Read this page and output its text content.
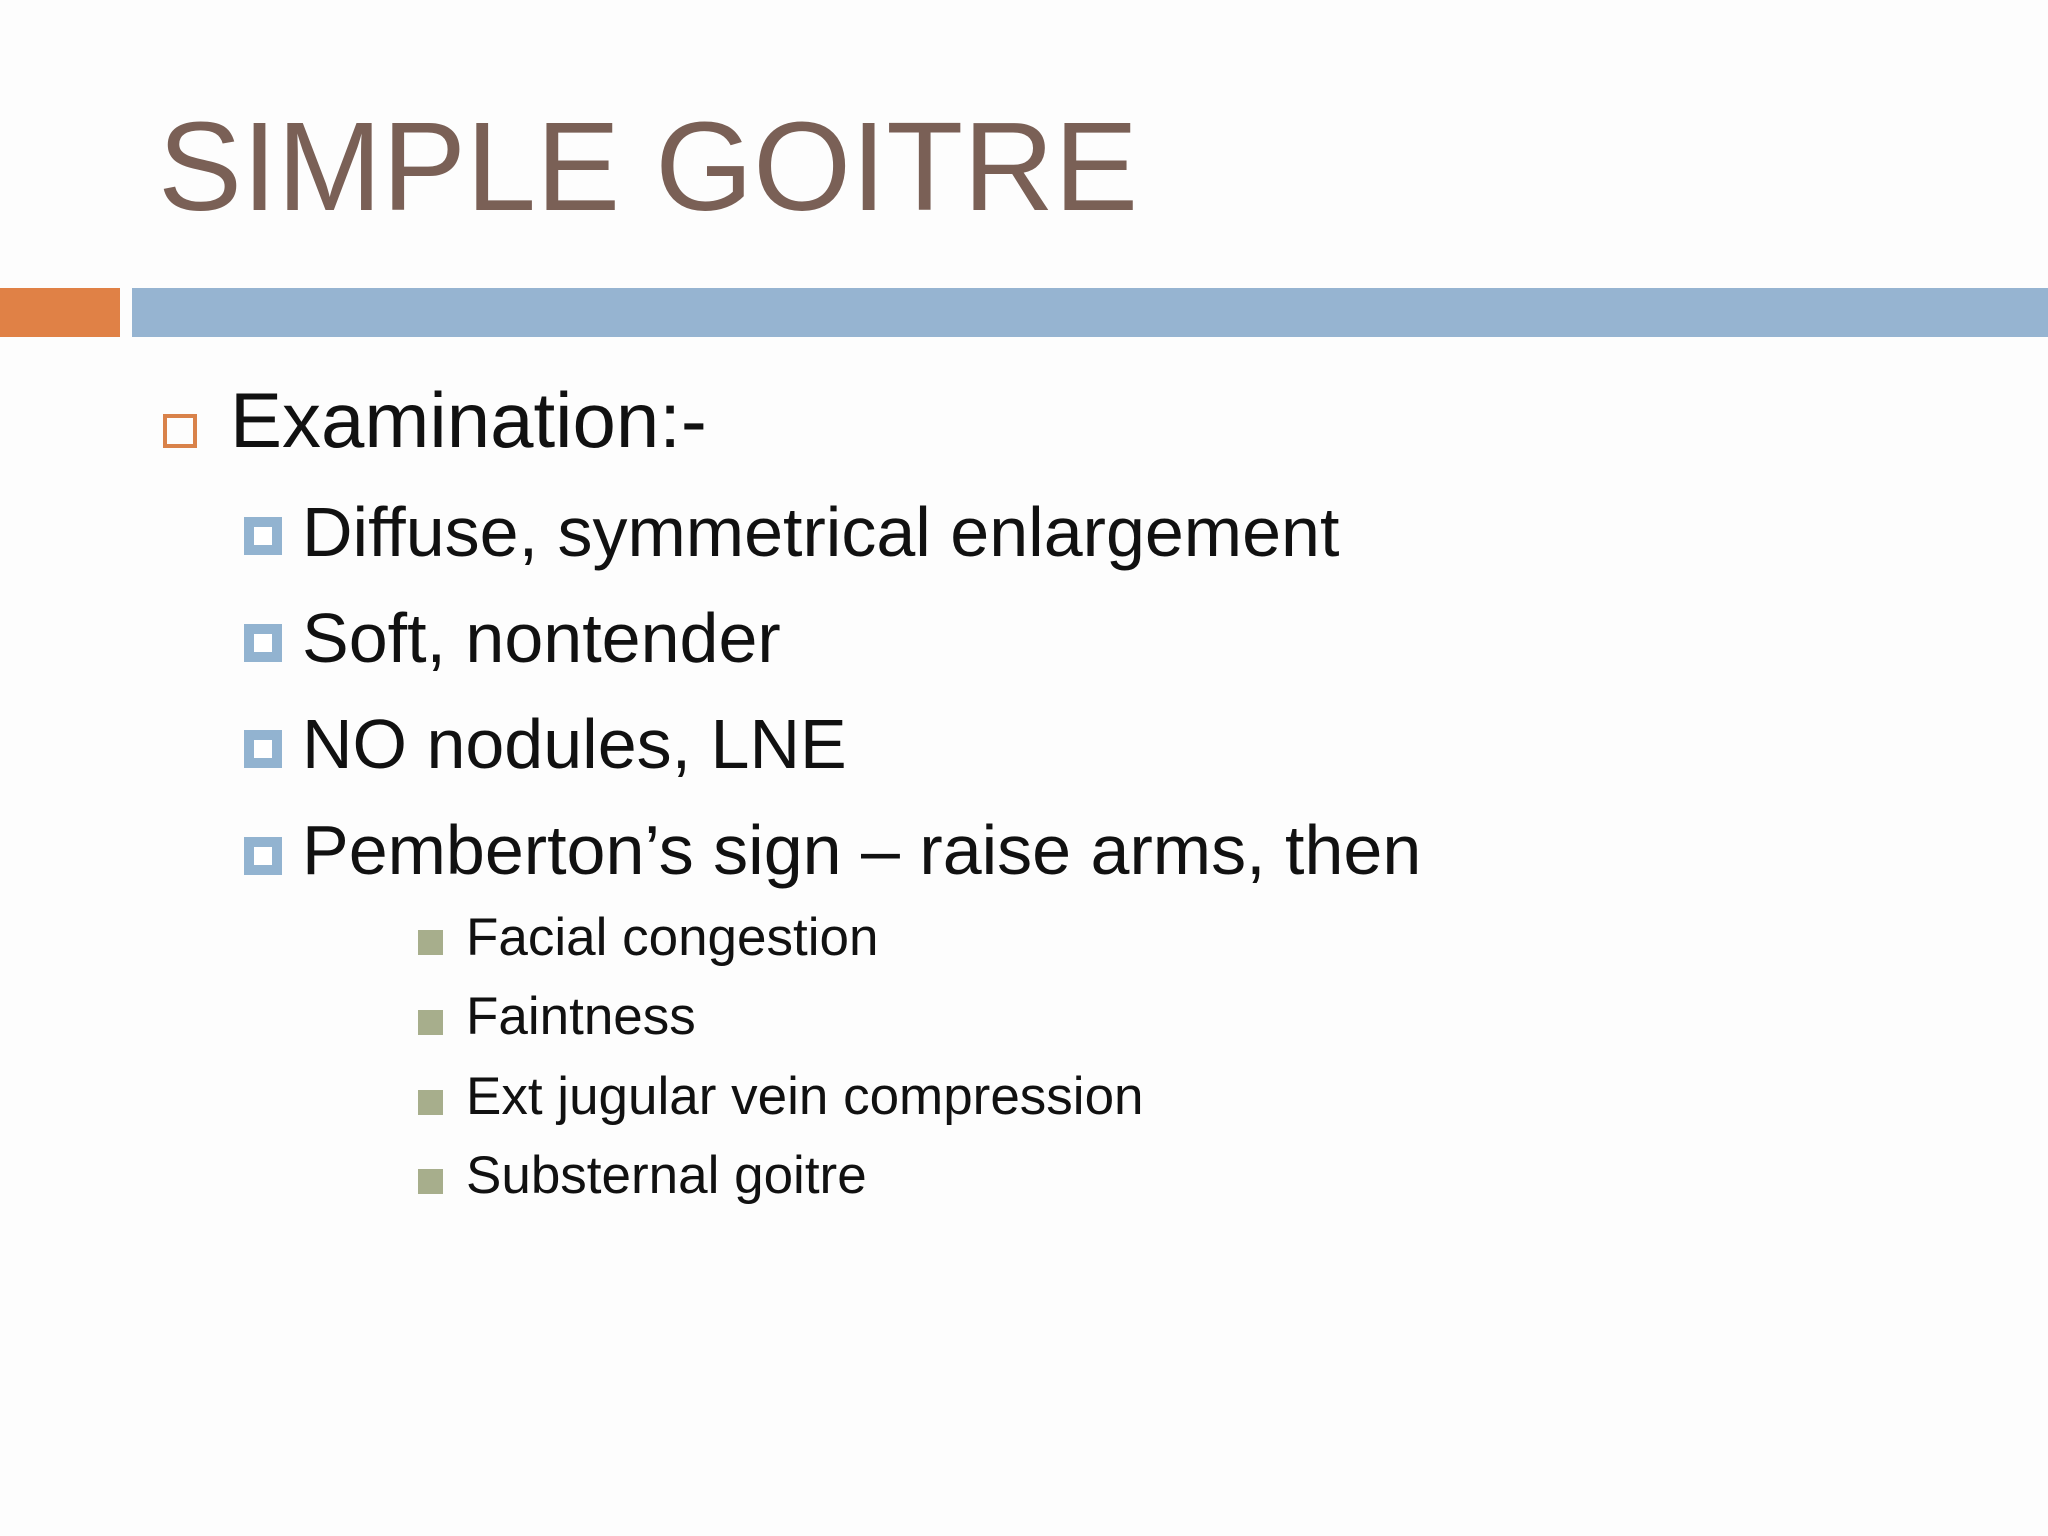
SIMPLE GOITRE
Examination:-
Diffuse, symmetrical enlargement
Soft, nontender
NO nodules, LNE
Pemberton’s sign – raise arms, then
Facial congestion
Faintness
Ext jugular vein compression
Substernal goitre
